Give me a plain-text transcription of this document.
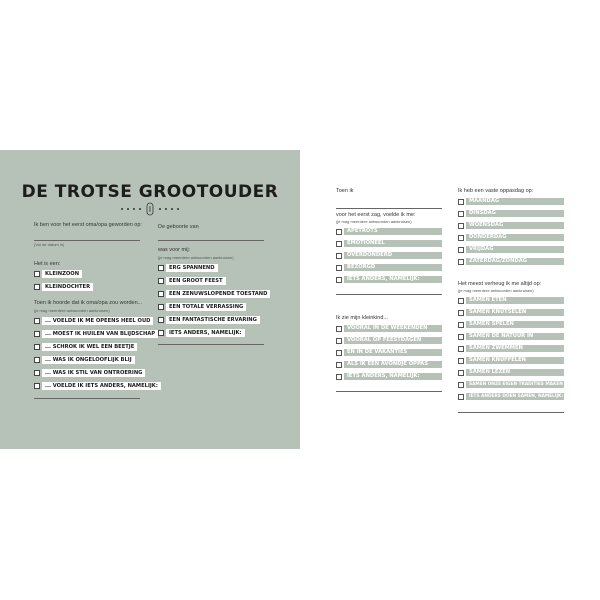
DE TROTSE GROOTOUDER
Ik ben voor het eerst oma/opa geworden op:
(Vul de datum in)
Het is een:
KLEINZOON
KLEINDOCHTER
Toen ik hoorde dat ik oma/opa zou worden...
(je mag meerdere antwoorden aankruisen)
... VOELDE IK ME OPEENS HEEL OUD
... MOEST IK HUILEN VAN BLIJDSCHAP
... SCHROK IK WEL EEN BEETJE
... WAS IK ONGELOOFLIJK BLIJ
... WAS IK STIL VAN ONTROERING
... VOELDE IK IETS ANDERS, NAMELIJK:
De geboorte van
was voor mij:
(je mag meerdere antwoorden aankruisen)
ERG SPANNEND
EEN GROOT FEEST
EEN ZENUWSLOPENDE TOESTAND
EEN TOTALE VERRASSING
EEN FANTASTISCHE ERVARING
IETS ANDERS, NAMELIJK:
Toen ik
voor het eerst zag, voelde ik me:
(je mag meerdere antwoorden aankruisen)
APETROTS
EMOTIONEEL
OVERDONDERD
BEZORGD
IETS ANDERS, NAMELIJK:
Ik zie mijn kleinkind...
VOORAL IN DE WEEKENDEN
VOORAL OP FEESTDAGEN
EN IN DE VAKANTIES
ALS IK EEN AVONDJE OPPAS
IETS ANDERS, NAMELIJK:
Ik heb een vaste oppasdag op:
MAANDAG
DINSDAG
WOENSDAG
DONDERDAG
VRIJDAG
ZATERDAG/ZONDAG
Het meest verheug ik me altijd op:
(je mag meerdere antwoorden aankruisen)
SAMEN ETEN
SAMEN KNUTSELEN
SAMEN SPELEN
SAMEN DE NATUUR IN
SAMEN ZWEMMEN
SAMEN KNUFFELEN
SAMEN LEZEN
SAMEN ONZE EIGEN TRADITIES MAKEN
IETS ANDERS DOEN SAMEN, NAMELIJK:
